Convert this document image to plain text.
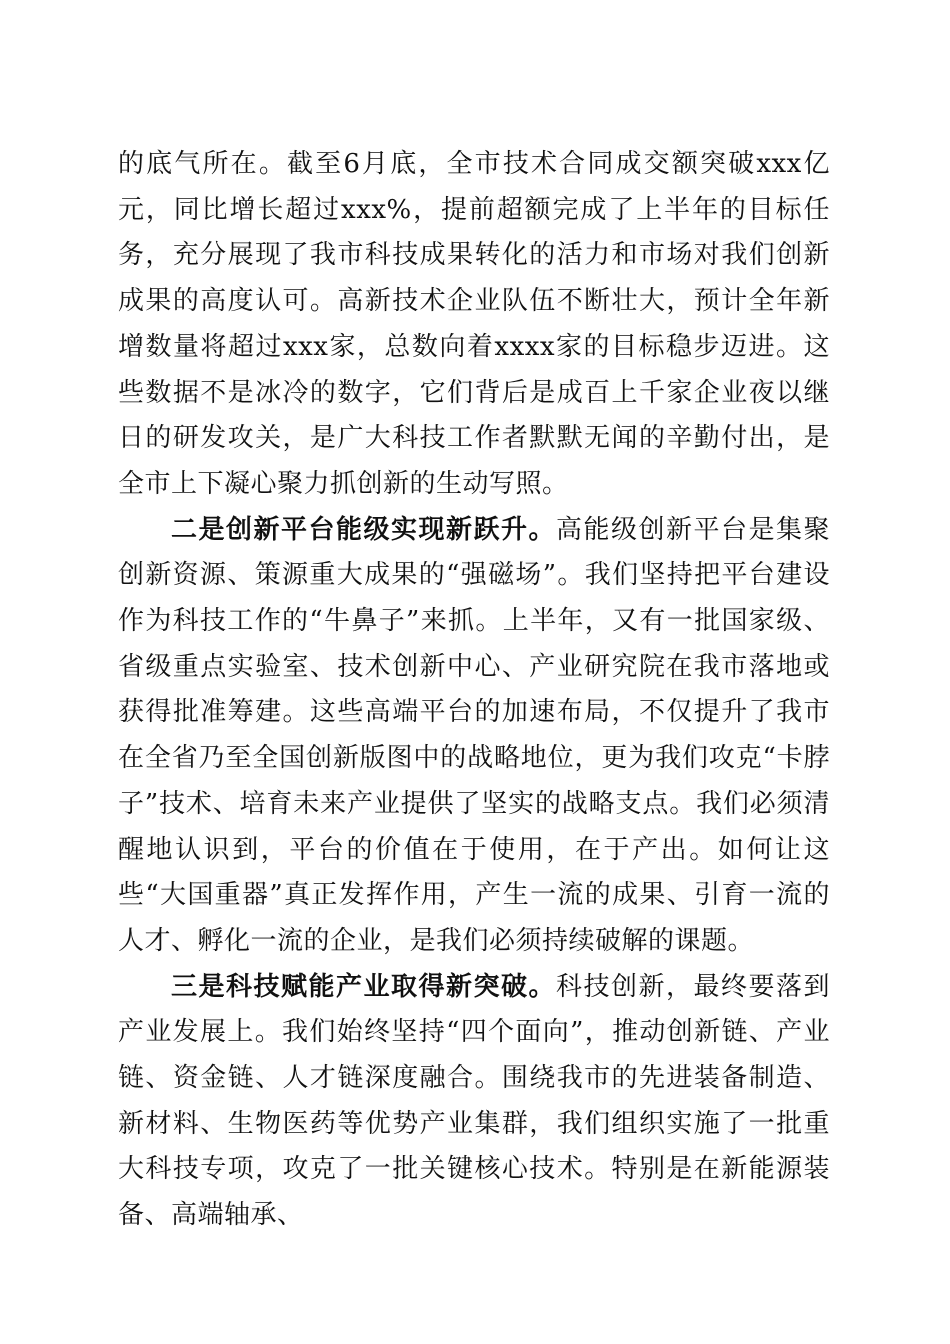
的底气所在。截至6月底，全市技术合同成交额突破xxx亿元，同比增长超过xxx%，提前超额完成了上半年的目标任务，充分展现了我市科技成果转化的活力和市场对我们创新成果的高度认可。高新技术企业队伍不断壮大，预计全年新增数量将超过xxx家，总数向着xxxx家的目标稳步迈进。这些数据不是冰冷的数字，它们背后是成百上千家企业夜以继日的研发攻关，是广大科技工作者默默无闻的辛勤付出，是全市上下凝心聚力抓创新的生动写照。

二是创新平台能级实现新跃升。高能级创新平台是集聚创新资源、策源重大成果的“强磁场”。我们坚持把平台建设作为科技工作的“牛鼻子”来抓。上半年，又有一批国家级、省级重点实验室、技术创新中心、产业研究院在我市落地或获得批准筹建。这些高端平台的加速布局，不仅提升了我市在全省乃至全国创新版图中的战略地位，更为我们攻克“卡脖子”技术、培育未来产业提供了坚实的战略支点。我们必须清醒地认识到，平台的价值在于使用，在于产出。如何让这些“大国重器”真正发挥作用，产生一流的成果、引育一流的人才、孵化一流的企业，是我们必须持续破解的课题。

三是科技赋能产业取得新突破。科技创新，最终要落到产业发展上。我们始终坚持“四个面向”，推动创新链、产业链、资金链、人才链深度融合。围绕我市的先进装备制造、新材料、生物医药等优势产业集群，我们组织实施了一批重大科技专项，攻克了一批关键核心技术。特别是在新能源装备、高端轴承、
